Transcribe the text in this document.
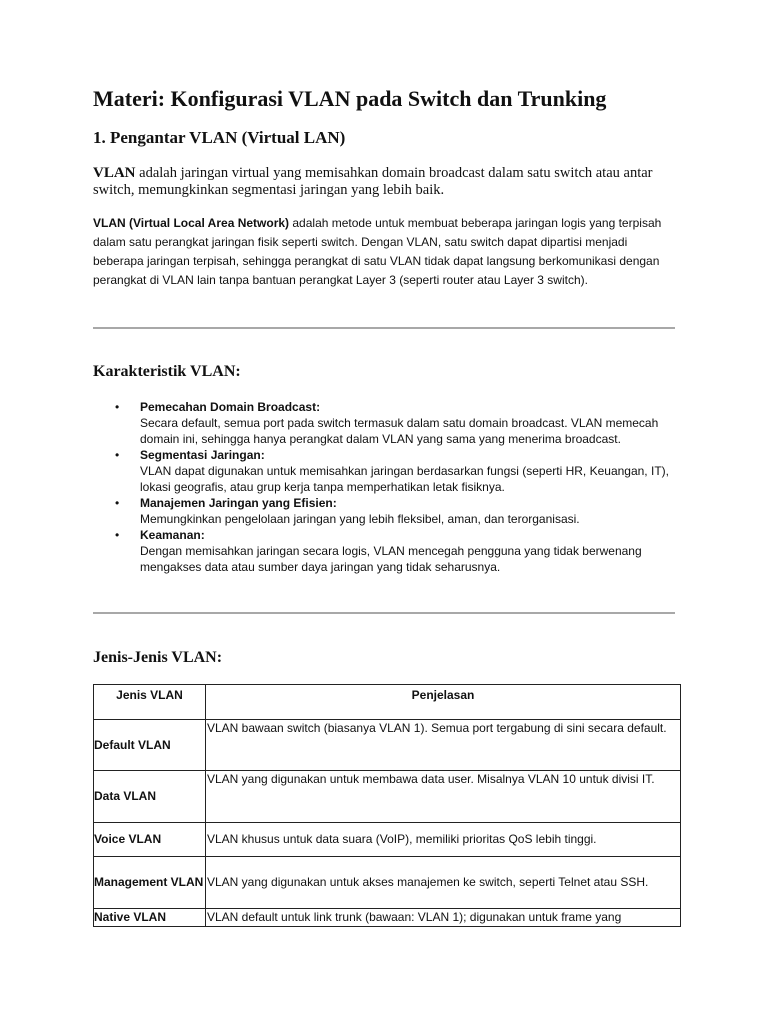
Materi: Konfigurasi VLAN pada Switch dan Trunking
1. Pengantar VLAN (Virtual LAN)

VLAN adalah jaringan virtual yang memisahkan domain broadcast dalam satu switch atau antar switch, memungkinkan segmentasi jaringan yang lebih baik.

VLAN (Virtual Local Area Network) adalah metode untuk membuat beberapa jaringan logis yang terpisah dalam satu perangkat jaringan fisik seperti switch. Dengan VLAN, satu switch dapat dipartisi menjadi beberapa jaringan terpisah, sehingga perangkat di satu VLAN tidak dapat langsung berkomunikasi dengan perangkat di VLAN lain tanpa bantuan perangkat Layer 3 (seperti router atau Layer 3 switch).

Karakteristik VLAN:
• Pemecahan Domain Broadcast:
Secara default, semua port pada switch termasuk dalam satu domain broadcast. VLAN memecah domain ini, sehingga hanya perangkat dalam VLAN yang sama yang menerima broadcast.
• Segmentasi Jaringan:
VLAN dapat digunakan untuk memisahkan jaringan berdasarkan fungsi (seperti HR, Keuangan, IT), lokasi geografis, atau grup kerja tanpa memperhatikan letak fisiknya.
• Manajemen Jaringan yang Efisien:
Memungkinkan pengelolaan jaringan yang lebih fleksibel, aman, dan terorganisasi.
• Keamanan:
Dengan memisahkan jaringan secara logis, VLAN mencegah pengguna yang tidak berwenang mengakses data atau sumber daya jaringan yang tidak seharusnya.
Jenis-Jenis VLAN:
Jenis VLAN	Penjelasan
Default VLAN	VLAN bawaan switch (biasanya VLAN 1). Semua port tergabung di sini secara default.
Data VLAN	VLAN yang digunakan untuk membawa data user. Misalnya VLAN 10 untuk divisi IT.
Voice VLAN	VLAN khusus untuk data suara (VoIP), memiliki prioritas QoS lebih tinggi.
Management VLAN	VLAN yang digunakan untuk akses manajemen ke switch, seperti Telnet atau SSH.
Native VLAN	VLAN default untuk link trunk (bawaan: VLAN 1); digunakan untuk frame yang
